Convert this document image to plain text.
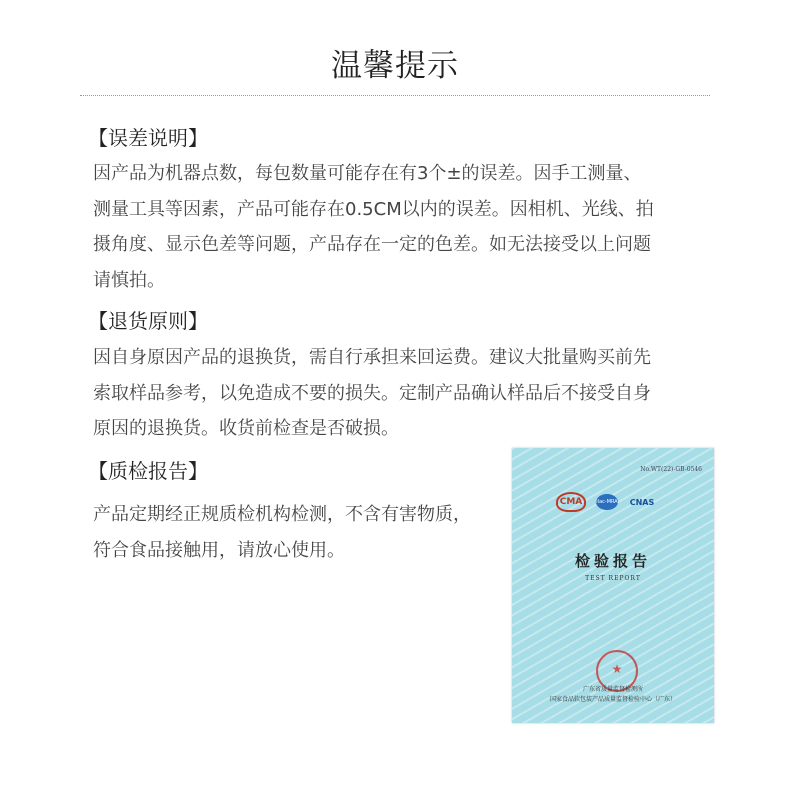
温馨提示
【误差说明】
因产品为机器点数，每包数量可能存在有3个±的误差。因手工测量、
测量工具等因素，产品可能存在0.5CM以内的误差。因相机、光线、拍
摄角度、显示色差等问题，产品存在一定的色差。如无法接受以上问题
请慎拍。
【退货原则】
因自身原因产品的退换货，需自行承担来回运费。建议大批量购买前先
索取样品参考，以免造成不要的损失。定制产品确认样品后不接受自身
原因的退换货。收货前检查是否破损。
【质检报告】
产品定期经正规质检机构检测，不含有害物质，
符合食品接触用，请放心使用。
No.WT(22)-GB-0546
CMA	ilac-MRA CNAS
检验报告
TEST REPORT
★
广东省质量监督检测所
国家食品软包装产品质量监督检验中心（广东）
